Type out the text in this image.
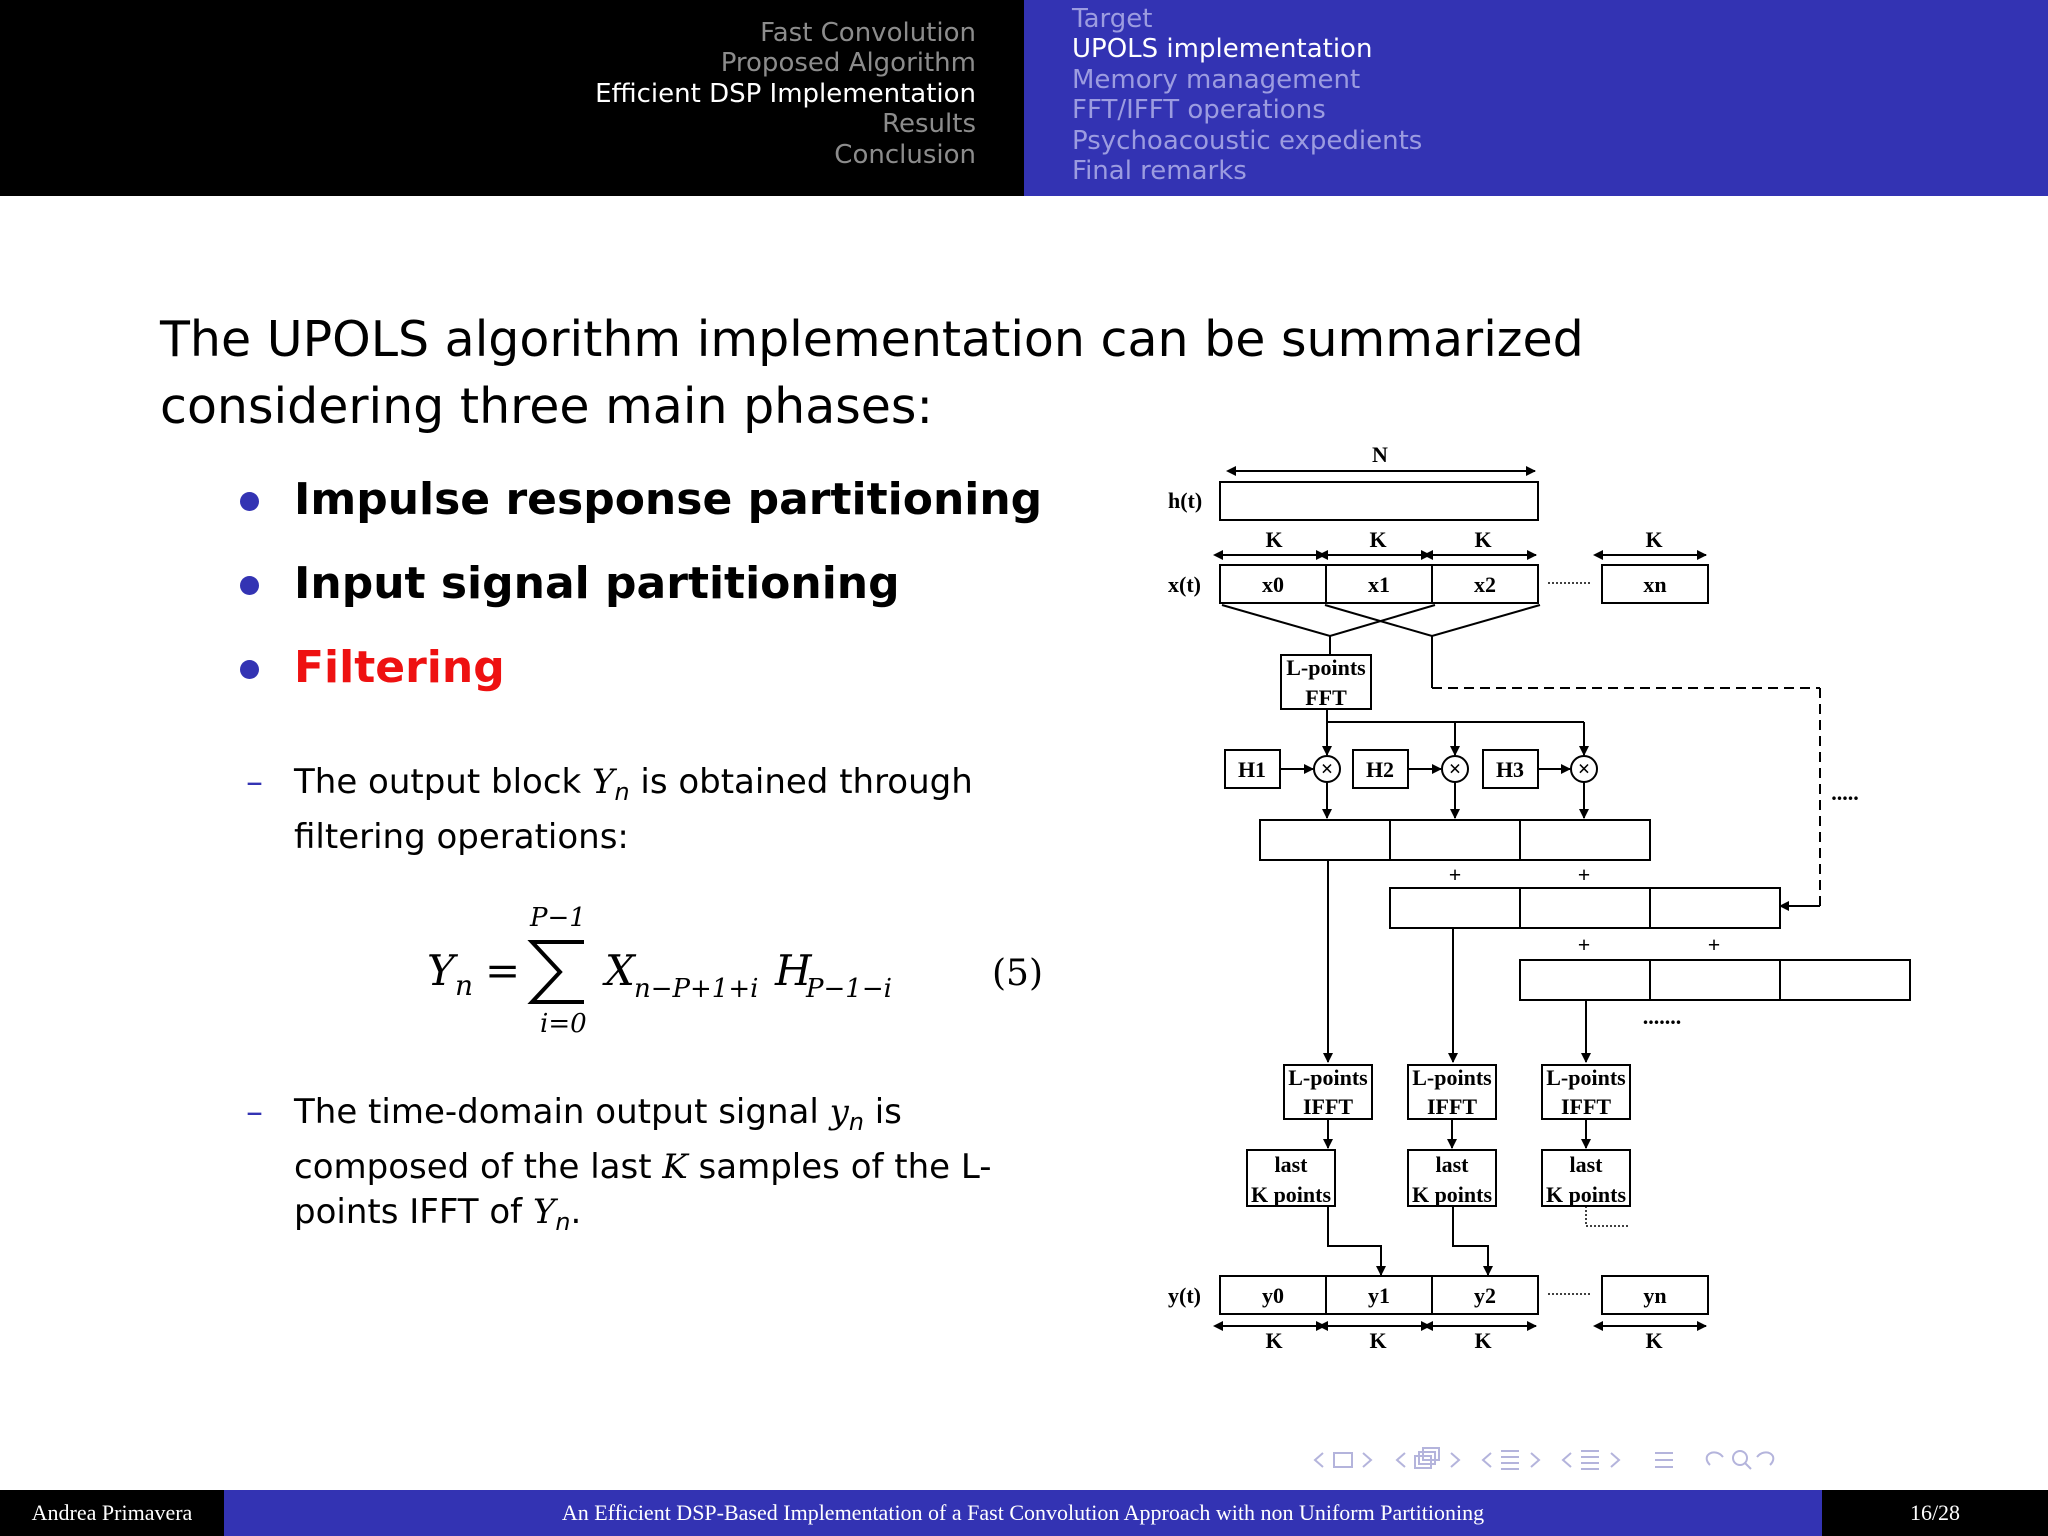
Fast Convolution
Proposed Algorithm
Efficient DSP Implementation
Results
Conclusion
Target
UPOLS implementation
Memory management
FFT/IFFT operations
Psychoacoustic expedients
Final remarks
The UPOLS algorithm implementation can be summarized considering three main phases:
Impulse response partitioning
Input signal partitioning
Filtering
– The output block $Y_n$ is obtained through filtering operations:
Y n =
P−1
i=0
X n−P+1+i H
P−1−i	(5)
– The time-domain output signal $y_n$ is composed of the last K samples of the L-points IFFT of $Y_n$.
N
h(t)
K	K	K	K
x(t)	x0	x1	x2	xn
L-points
FFT
H1	H2	H3
×	×	×
.....
+	+
+	+
.......
L-points
IFFT
L-points
IFFT
L-points
IFFT
last
K points
last
K points
last
K points
y(t)	y0	y1	y2	yn
K	K	K	K
Andrea Primavera	An Efficient DSP-Based Implementation of a Fast Convolution Approach with non Uniform Partitioning	16/28
